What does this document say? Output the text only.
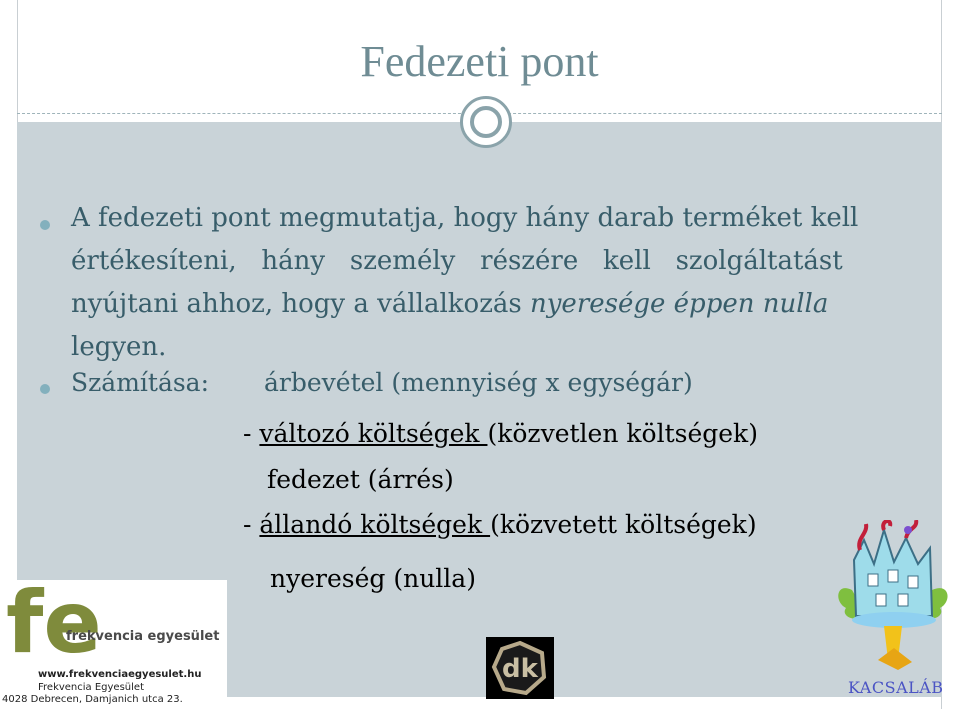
Fedezeti pont
A fedezeti pont megmutatja, hogy hány darab terméket kell
értékesíteni,   hány   személy   részére   kell   szolgáltatást
nyújtani ahhoz, hogy a vállalkozás nyeresége éppen nulla
legyen.
Számítása: árbevétel (mennyiség x egységár)
- változó költségek (közvetlen költségek)
fedezet (árrés)
- állandó költségek (közvetett költségek)
nyereség (nulla)
fe
frekvencia egyesület
www.frekvenciaegyesulet.hu
Frekvencia Egyesület
4028 Debrecen, Damjanich utca 23.
dk
KACSALÁB
